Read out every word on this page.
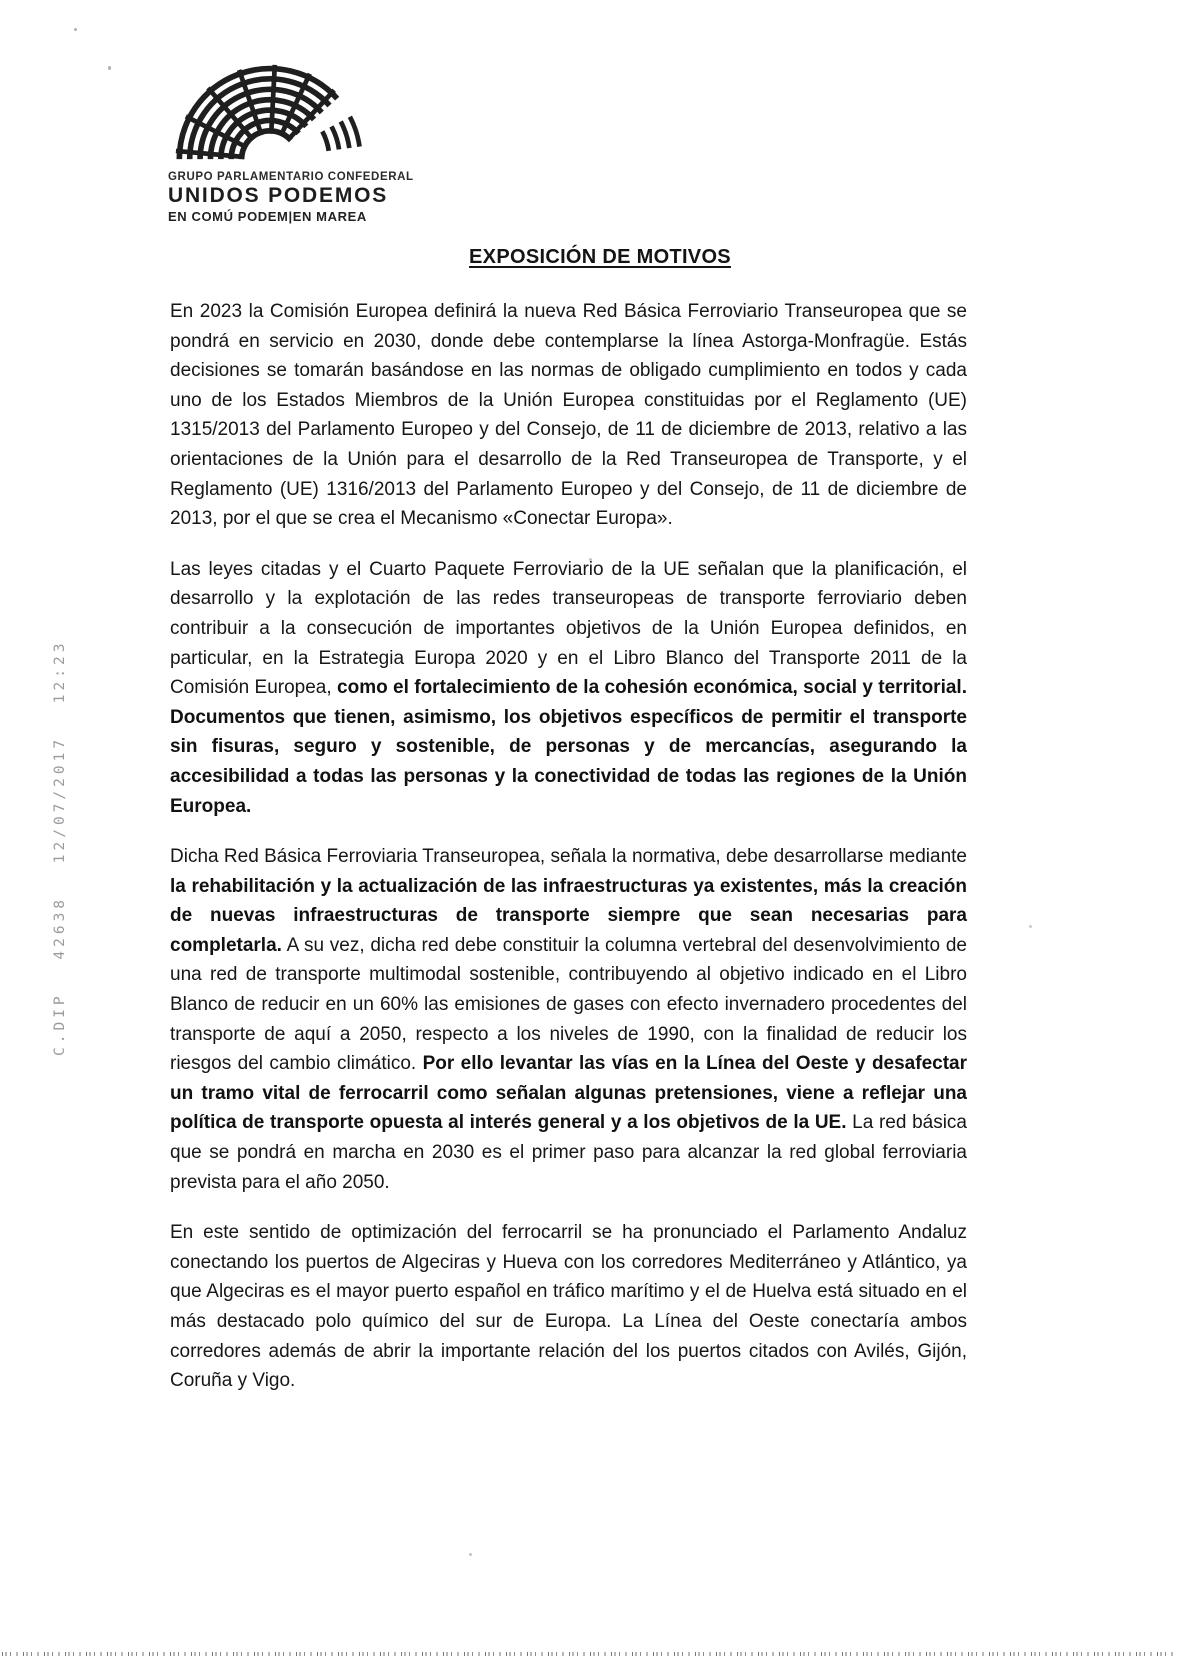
C.DIP 42638 12/07/2017 12:23
GRUPO PARLAMENTARIO CONFEDERAL
UNIDOS PODEMOS
EN COMÚ PODEM|EN MAREA
EXPOSICIÓN DE MOTIVOS

En 2023 la Comisión Europea definirá la nueva Red Básica Ferroviario Transeuropea que se pondrá en servicio en 2030, donde debe contemplarse la línea Astorga-Monfragüe. Estás decisiones se tomarán basándose en las normas de obligado cumplimiento en todos y cada uno de los Estados Miembros de la Unión Europea constituidas por el Reglamento (UE) 1315/2013 del Parlamento Europeo y del Consejo, de 11 de diciembre de 2013, relativo a las orientaciones de la Unión para el desarrollo de la Red Transeuropea de Transporte, y el Reglamento (UE) 1316/2013 del Parlamento Europeo y del Consejo, de 11 de diciembre de 2013, por el que se crea el Mecanismo «Conectar Europa».

Las leyes citadas y el Cuarto Paquete Ferroviario de la UE señalan que la planificación, el desarrollo y la explotación de las redes transeuropeas de transporte ferroviario deben contribuir a la consecución de importantes objetivos de la Unión Europea definidos, en particular, en la Estrategia Europa 2020 y en el Libro Blanco del Transporte 2011 de la Comisión Europea, como el fortalecimiento de la cohesión económica, social y territorial. Documentos que tienen, asimismo, los objetivos específicos de permitir el transporte sin fisuras, seguro y sostenible, de personas y de mercancías, asegurando la accesibilidad a todas las personas y la conectividad de todas las regiones de la Unión Europea.

Dicha Red Básica Ferroviaria Transeuropea, señala la normativa, debe desarrollarse mediante la rehabilitación y la actualización de las infraestructuras ya existentes, más la creación de nuevas infraestructuras de transporte siempre que sean necesarias para completarla. A su vez, dicha red debe constituir la columna vertebral del desenvolvimiento de una red de transporte multimodal sostenible, contribuyendo al objetivo indicado en el Libro Blanco de reducir en un 60% las emisiones de gases con efecto invernadero procedentes del transporte de aquí a 2050, respecto a los niveles de 1990, con la finalidad de reducir los riesgos del cambio climático. Por ello levantar las vías en la Línea del Oeste y desafectar un tramo vital de ferrocarril como señalan algunas pretensiones, viene a reflejar una política de transporte opuesta al interés general y a los objetivos de la UE. La red básica que se pondrá en marcha en 2030 es el primer paso para alcanzar la red global ferroviaria prevista para el año 2050.

En este sentido de optimización del ferrocarril se ha pronunciado el Parlamento Andaluz conectando los puertos de Algeciras y Hueva con los corredores Mediterráneo y Atlántico, ya que Algeciras es el mayor puerto español en tráfico marítimo y el de Huelva está situado en el más destacado polo químico del sur de Europa. La Línea del Oeste conectaría ambos corredores además de abrir la importante relación del los puertos citados con Avilés, Gijón, Coruña y Vigo.
